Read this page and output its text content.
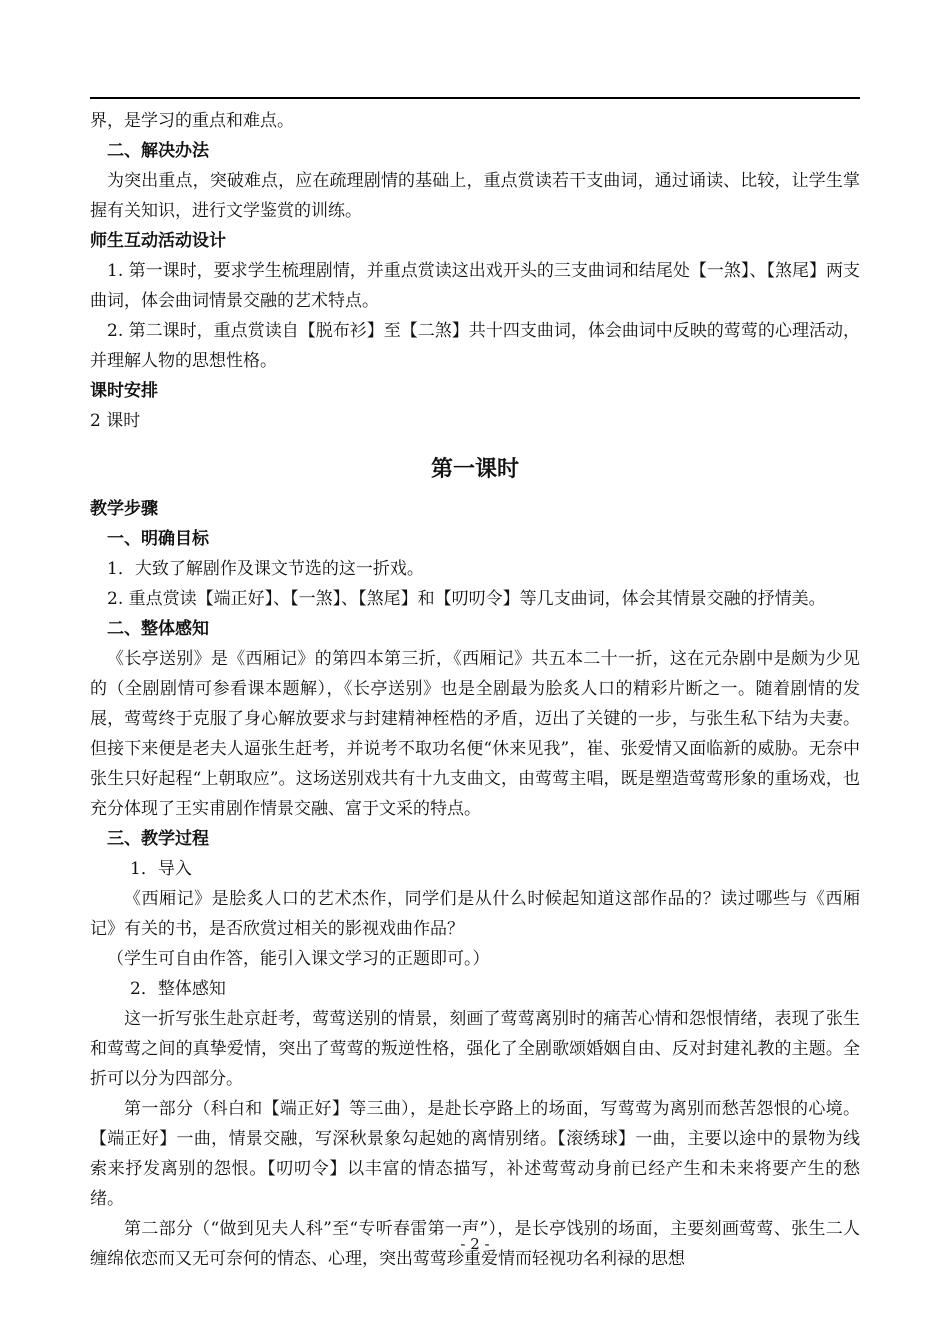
界，是学习的重点和难点。

二、解决办法

为突出重点，突破难点，应在疏理剧情的基础上，重点赏读若干支曲词，通过诵读、比较，让学生掌握有关知识，进行文学鉴赏的训练。

师生互动活动设计

1. 第一课时，要求学生梳理剧情，并重点赏读这出戏开头的三支曲词和结尾处【一煞】、【煞尾】两支曲词，体会曲词情景交融的艺术特点。

2. 第二课时，重点赏读自【脱布衫】至【二煞】共十四支曲词，体会曲词中反映的莺莺的心理活动，并理解人物的思想性格。

课时安排

2 课时

第一课时

教学步骤

一、明确目标

1．大致了解剧作及课文节选的这一折戏。

2. 重点赏读【端正好】、【一煞】、【煞尾】和【叨叨令】等几支曲词，体会其情景交融的抒情美。

二、整体感知

《长亭送别》是《西厢记》的第四本第三折，《西厢记》共五本二十一折，这在元杂剧中是颇为少见的（全剧剧情可参看课本题解），《长亭送别》也是全剧最为脍炙人口的精彩片断之一。随着剧情的发展，莺莺终于克服了身心解放要求与封建精神桎梏的矛盾，迈出了关键的一步，与张生私下结为夫妻。但接下来便是老夫人逼张生赶考，并说考不取功名便“休来见我”，崔、张爱情又面临新的威胁。无奈中张生只好起程“上朝取应”。这场送别戏共有十九支曲文，由莺莺主唱，既是塑造莺莺形象的重场戏，也充分体现了王实甫剧作情景交融、富于文采的特点。

三、教学过程

1．导入

《西厢记》是脍炙人口的艺术杰作，同学们是从什么时候起知道这部作品的？读过哪些与《西厢记》有关的书，是否欣赏过相关的影视戏曲作品？

（学生可自由作答，能引入课文学习的正题即可。）

2．整体感知

这一折写张生赴京赶考，莺莺送别的情景，刻画了莺莺离别时的痛苦心情和怨恨情绪，表现了张生和莺莺之间的真挚爱情，突出了莺莺的叛逆性格，强化了全剧歌颂婚姻自由、反对封建礼教的主题。全折可以分为四部分。

第一部分（科白和【端正好】等三曲），是赴长亭路上的场面，写莺莺为离别而愁苦怨恨的心境。【端正好】一曲，情景交融，写深秋景象勾起她的离情别绪。【滚绣球】一曲，主要以途中的景物为线索来抒发离别的怨恨。【叨叨令】以丰富的情态描写，补述莺莺动身前已经产生和未来将要产生的愁绪。

第二部分（“做到见夫人科”至“专听春雷第一声”），是长亭饯别的场面，主要刻画莺莺、张生二人缠绵依恋而又无可奈何的情态、心理，突出莺莺珍重爱情而轻视功名利禄的思想

- 2 -
